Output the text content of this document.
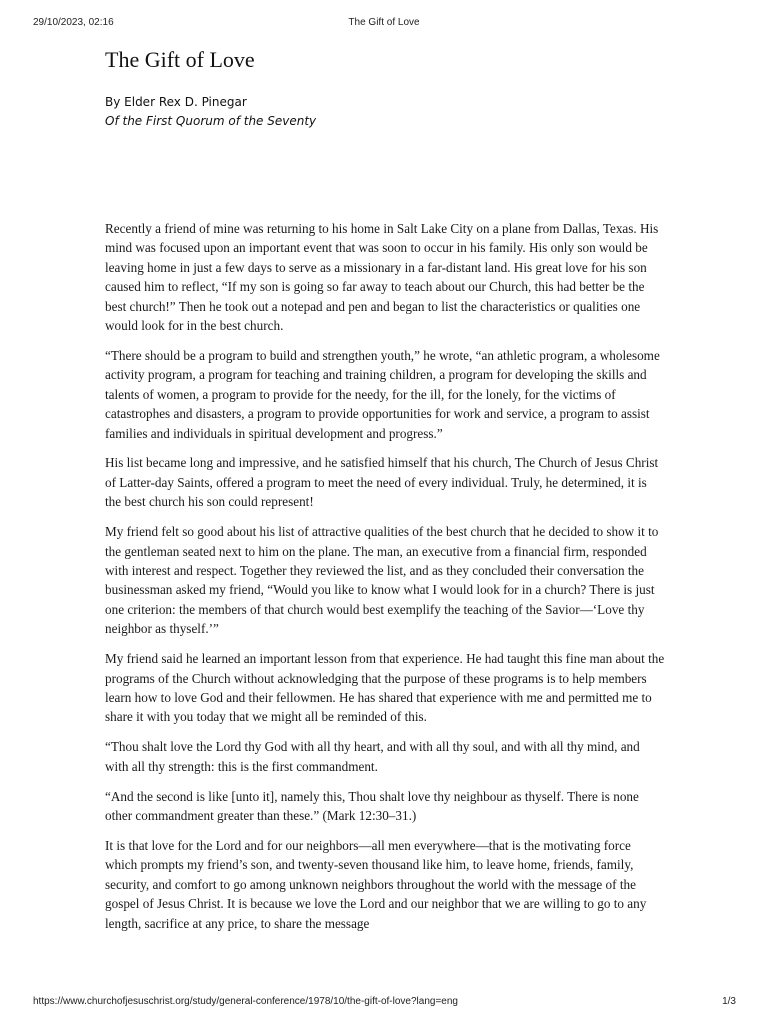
29/10/2023, 02:16	The Gift of Love
The Gift of Love
By Elder Rex D. Pinegar
Of the First Quorum of the Seventy

Recently a friend of mine was returning to his home in Salt Lake City on a plane from Dallas, Texas. His mind was focused upon an important event that was soon to occur in his family. His only son would be leaving home in just a few days to serve as a missionary in a far-distant land. His great love for his son caused him to reflect, “If my son is going so far away to teach about our Church, this had better be the best church!” Then he took out a notepad and pen and began to list the characteristics or qualities one would look for in the best church.

“There should be a program to build and strengthen youth,” he wrote, “an athletic program, a wholesome activity program, a program for teaching and training children, a program for developing the skills and talents of women, a program to provide for the needy, for the ill, for the lonely, for the victims of catastrophes and disasters, a program to provide opportunities for work and service, a program to assist families and individuals in spiritual development and progress.”

His list became long and impressive, and he satisfied himself that his church, The Church of Jesus Christ of Latter-day Saints, offered a program to meet the need of every individual. Truly, he determined, it is the best church his son could represent!

My friend felt so good about his list of attractive qualities of the best church that he decided to show it to the gentleman seated next to him on the plane. The man, an executive from a financial firm, responded with interest and respect. Together they reviewed the list, and as they concluded their conversation the businessman asked my friend, “Would you like to know what I would look for in a church? There is just one criterion: the members of that church would best exemplify the teaching of the Savior—‘Love thy neighbor as thyself.’”

My friend said he learned an important lesson from that experience. He had taught this fine man about the programs of the Church without acknowledging that the purpose of these programs is to help members learn how to love God and their fellowmen. He has shared that experience with me and permitted me to share it with you today that we might all be reminded of this.

“Thou shalt love the Lord thy God with all thy heart, and with all thy soul, and with all thy mind, and with all thy strength: this is the first commandment.

“And the second is like [unto it], namely this, Thou shalt love thy neighbour as thyself. There is none other commandment greater than these.” (Mark 12:30–31.)

It is that love for the Lord and for our neighbors—all men everywhere—that is the motivating force which prompts my friend’s son, and twenty-seven thousand like him, to leave home, friends, family, security, and comfort to go among unknown neighbors throughout the world with the message of the gospel of Jesus Christ. It is because we love the Lord and our neighbor that we are willing to go to any length, sacrifice at any price, to share the message

https://www.churchofjesuschrist.org/study/general-conference/1978/10/the-gift-of-love?lang=eng	1/3
